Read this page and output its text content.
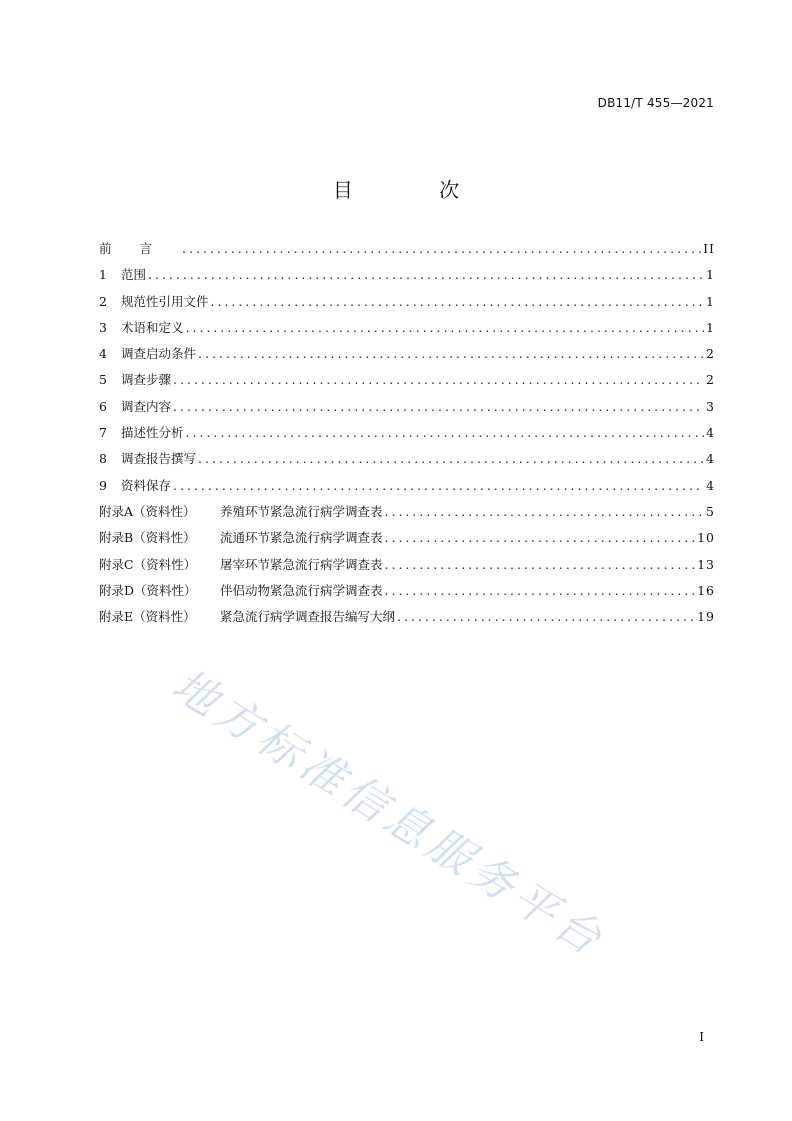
DB11/T 455—2021
目 次
前言 .....	II
1	范围 .....	1
2	规范性引用文件 .....	1
3	术语和定义 .....	1
4	调查启动条件 .....	2
5	调查步骤 .....	2
6	调查内容 .....	3
7	描述性分析 .....	4
8	调查报告撰写 .....	4
9	资料保存 .....	4
附录A（资料性）	养殖环节紧急流行病学调查表 .....	5
附录B（资料性）	流通环节紧急流行病学调查表 .....	10
附录C（资料性）	屠宰环节紧急流行病学调查表 .....	13
附录D（资料性）	伴侣动物紧急流行病学调查表 .....	16
附录E（资料性）	紧急流行病学调查报告编写大纲 .....	19
地方标准信息服务平台
I
